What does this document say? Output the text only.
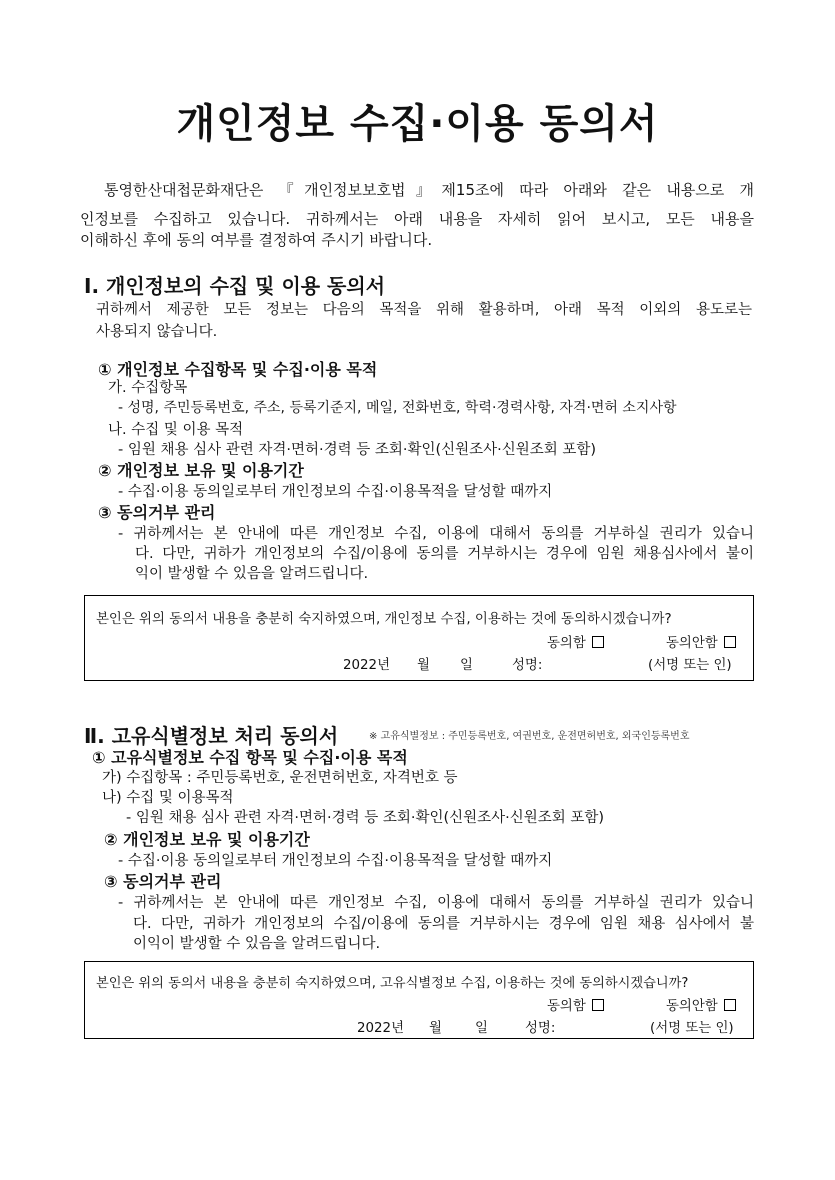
개인정보 수집·이용 동의서
통영한산대첩문화재단은 『개인정보보호법』제15조에 따라 아래와 같은 내용으로 개
인정보를 수집하고 있습니다. 귀하께서는 아래 내용을 자세히 읽어 보시고, 모든 내용을
이해하신 후에 동의 여부를 결정하여 주시기 바랍니다.
Ⅰ. 개인정보의 수집 및 이용 동의서
귀하께서 제공한 모든 정보는 다음의 목적을 위해 활용하며, 아래 목적 이외의 용도로는
사용되지 않습니다.
① 개인정보 수집항목 및 수집·이용 목적
가. 수집항목
- 성명, 주민등록번호, 주소, 등록기준지, 메일, 전화번호, 학력·경력사항, 자격·면허 소지사항
나. 수집 및 이용 목적
- 임원 채용 심사 관련 자격·면허·경력 등 조회·확인(신원조사·신원조회 포함)
② 개인정보 보유 및 이용기간
- 수집·이용 동의일로부터 개인정보의 수집·이용목적을 달성할 때까지
③ 동의거부 관리
- 귀하께서는 본 안내에 따른 개인정보 수집, 이용에 대해서 동의를 거부하실 권리가 있습니
다. 다만, 귀하가 개인정보의 수집/이용에 동의를 거부하시는 경우에 임원 채용심사에서 불이
익이 발생할 수 있음을 알려드립니다.
본인은 위의 동의서 내용을 충분히 숙지하였으며, 개인정보 수집, 이용하는 것에 동의하시겠습니까?
동의함	동의안함
2022년 월 일	성명:	(서명 또는 인)
Ⅱ. 고유식별정보 처리 동의서	※ 고유식별정보 : 주민등록번호, 여권번호, 운전면허번호, 외국인등록번호
① 고유식별정보 수집 항목 및 수집·이용 목적
가) 수집항목 : 주민등록번호, 운전면허번호, 자격번호 등
나) 수집 및 이용목적
- 임원 채용 심사 관련 자격·면허·경력 등 조회·확인(신원조사·신원조회 포함)
② 개인정보 보유 및 이용기간
- 수집·이용 동의일로부터 개인정보의 수집·이용목적을 달성할 때까지
③ 동의거부 관리
- 귀하께서는 본 안내에 따른 개인정보 수집, 이용에 대해서 동의를 거부하실 권리가 있습니
다. 다만, 귀하가 개인정보의 수집/이용에 동의를 거부하시는 경우에 임원 채용 심사에서 불
이익이 발생할 수 있음을 알려드립니다.
본인은 위의 동의서 내용을 충분히 숙지하였으며, 고유식별정보 수집, 이용하는 것에 동의하시겠습니까?
동의함	동의안함
2022년 월 일	성명:	(서명 또는 인)
